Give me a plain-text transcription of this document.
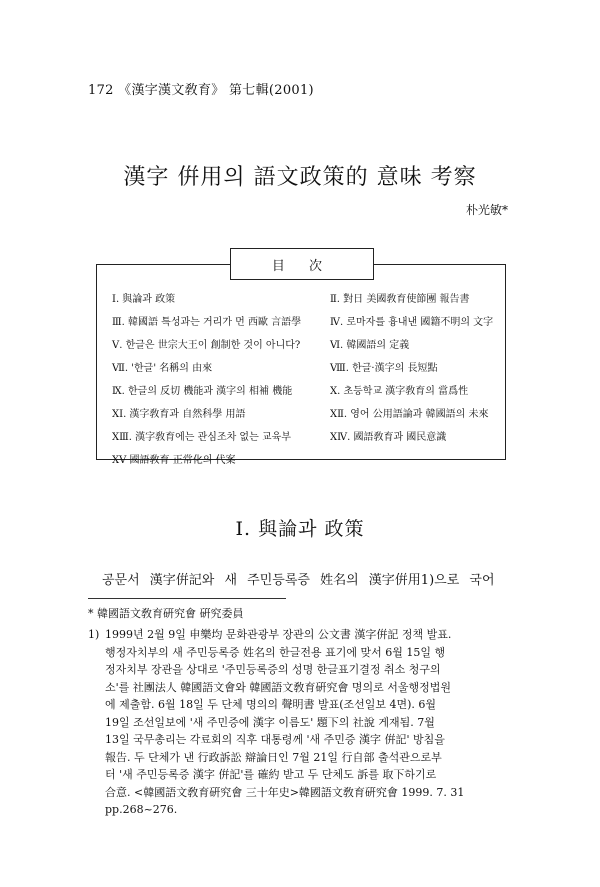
172 《漢字漢文敎育》 第七輯(2001)
漢字 倂用의 語文政策的 意味 考察
朴光敏*
目 次
Ⅰ. 與論과 政策	Ⅱ. 對日 美國敎育使節團 報告書
Ⅲ. 韓國語 특성과는 거리가 먼 西歐 言語學	Ⅳ. 로마자를 흉내낸 國籍不明의 文字
Ⅴ. 한글은 世宗大王이 創制한 것이 아니다?	Ⅵ. 韓國語의 定義
Ⅶ. '한글' 名稱의 由來	Ⅷ. 한글·漢字의 長短點
Ⅸ. 한글의 反切 機能과 漢字의 相補 機能	Ⅹ. 초등학교 漢字敎育의 當爲性
ⅩⅠ. 漢字敎育과 自然科學 用語	ⅩⅡ. 영어 公用語論과 韓國語의 未來
ⅩⅢ. 漢字敎育에는 관심조차 없는 교육부	ⅩⅣ. 國語敎育과 國民意識
ⅩⅤ 國語敎育 正常化의 代案
Ⅰ. 與論과 政策
공문서 漢字倂記와 새 주민등록증 姓名의 漢字倂用1)으로 국어
* 韓國語文敎育硏究會 硏究委員
1) 1999년 2월 9일 申樂均 문화관광부 장관의 公文書 漢字倂記 정책 발표.
행정자치부의 새 주민등록증 姓名의 한글전용 표기에 맞서 6월 15일 행
정자치부 장관을 상대로 '주민등록증의 성명 한글표기결정 취소 청구의
소'를 社團法人 韓國語文會와 韓國語文敎育硏究會 명의로 서울행정법원
에 제출함. 6월 18일 두 단체 명의의 聲明書 발표(조선일보 4면). 6월
19일 조선일보에 '새 주민증에 漢字 이름도' 題下의 社說 게재됨. 7월
13일 국무총리는 각료회의 직후 대통령께 '새 주민증 漢字 倂記' 방침을
報告. 두 단체가 낸 行政訴訟 辯論日인 7월 21일 行自部 출석관으로부
터 '새 주민등록증 漢字 倂記'를 確約 받고 두 단체도 訴를 取下하기로
合意. <韓國語文敎育硏究會 三十年史>韓國語文敎育硏究會 1999. 7. 31
pp.268~276.
